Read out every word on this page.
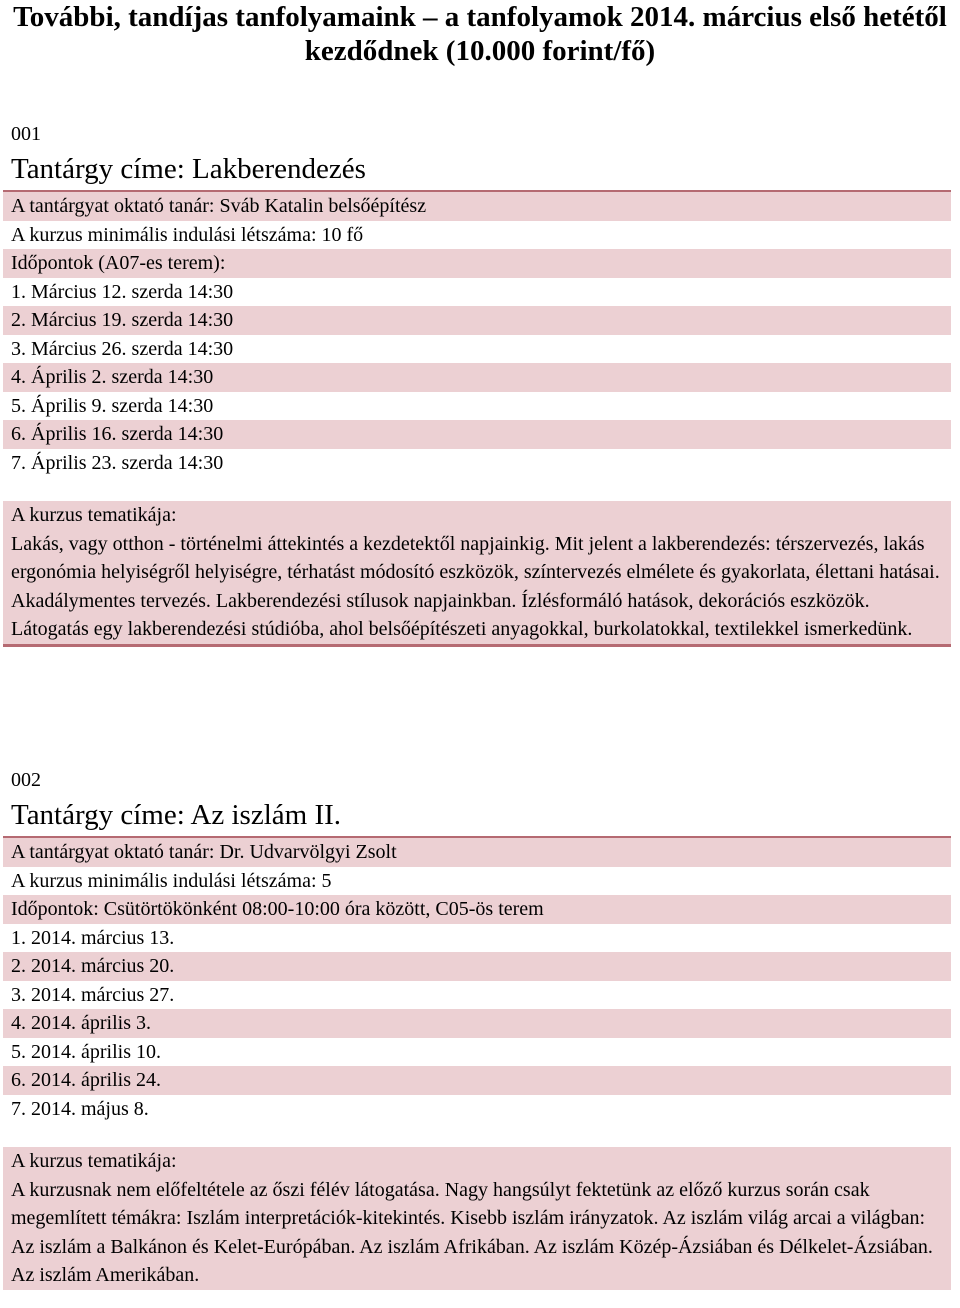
További, tandíjas tanfolyamaink – a tanfolyamok 2014. március első hetétől kezdődnek (10.000 forint/fő)
001
Tantárgy címe: Lakberendezés
A tantárgyat oktató tanár: Sváb Katalin belsőépítész
A kurzus minimális indulási létszáma: 10 fő
Időpontok (A07-es terem):
1. Március 12. szerda 14:30
2. Március 19. szerda 14:30
3. Március 26. szerda 14:30
4. Április 2. szerda 14:30
5. Április 9. szerda 14:30
6. Április 16. szerda 14:30
7. Április 23. szerda 14:30
A kurzus tematikája:
Lakás, vagy otthon - történelmi áttekintés a kezdetektől napjainkig. Mit jelent a lakberendezés: térszervezés, lakás ergonómia helyiségről helyiségre, térhatást módosító eszközök, színtervezés elmélete és gyakorlata, élettani hatásai. Akadálymentes tervezés. Lakberendezési stílusok napjainkban. Ízlésformáló hatások, dekorációs eszközök. Látogatás egy lakberendezési stúdióba, ahol belsőépítészeti anyagokkal, burkolatokkal, textilekkel ismerkedünk.
002
Tantárgy címe: Az iszlám II.
A tantárgyat oktató tanár: Dr. Udvarvölgyi Zsolt
A kurzus minimális indulási létszáma: 5
Időpontok: Csütörtökönként 08:00-10:00 óra között, C05-ös terem
1. 2014. március 13.
2. 2014. március 20.
3. 2014. március 27.
4. 2014. április 3.
5. 2014. április 10.
6. 2014. április 24.
7. 2014. május 8.
A kurzus tematikája:
A kurzusnak nem előfeltétele az őszi félév látogatása. Nagy hangsúlyt fektetünk az előző kurzus során csak megemlített témákra: Iszlám interpretációk-kitekintés. Kisebb iszlám irányzatok. Az iszlám világ arcai a világban: Az iszlám a Balkánon és Kelet-Európában. Az iszlám Afrikában. Az iszlám Közép-Ázsiában és Délkelet-Ázsiában. Az iszlám Amerikában.
